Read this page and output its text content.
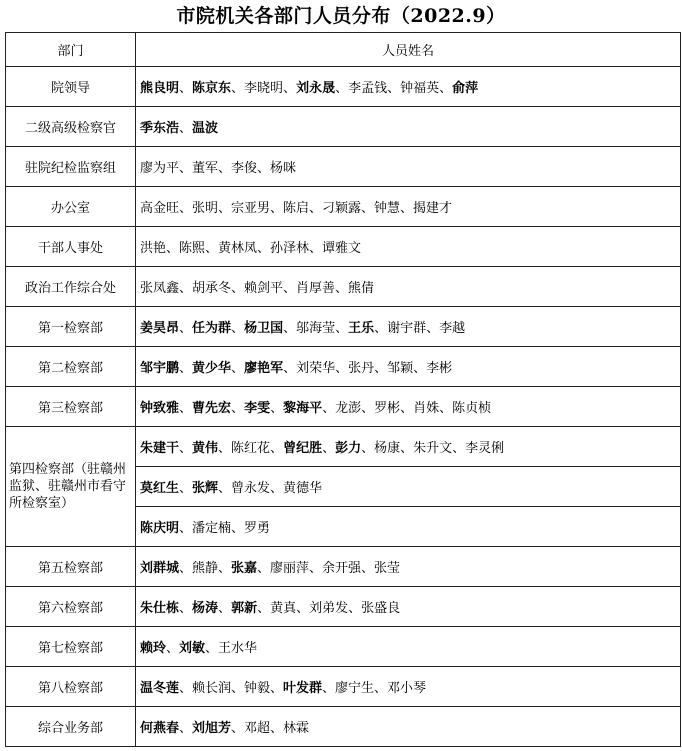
市院机关各部门人员分布（2022.9）
部门	人员姓名
院领导	熊良明、陈京东、李晓明、刘永晟、李孟钱、钟福英、俞萍
二级高级检察官	季东浩、温波
驻院纪检监察组	廖为平、董军、李俊、杨咪
办公室	高金旺、张明、宗亚男、陈启、刁颖露、钟慧、揭建才
干部人事处	洪艳、陈熙、黄林凤、孙泽林、谭雅文
政治工作综合处	张凤鑫、胡承冬、赖剑平、肖厚善、熊倩
第一检察部	姜昊昂、任为群、杨卫国、邬海莹、王乐、谢宇群、李越
第二检察部	邹宇鹏、黄少华、廖艳军、刘荣华、张丹、邹颖、李彬
第三检察部	钟致雅、曹先宏、李雯、黎海平、龙澎、罗彬、肖姝、陈贞桢
第四检察部（驻赣州监狱、驻赣州市看守所检察室）	朱建干、黄伟、陈红花、曾纪胜、彭力、杨康、朱升文、李灵俐
	莫红生、张辉、曾永发、黄德华
	陈庆明、潘定楠、罗勇
第五检察部	刘群城、熊静、张嘉、廖丽萍、余开强、张莹
第六检察部	朱仕栋、杨涛、郭新、黄真、刘弟发、张盛良
第七检察部	赖玲、刘敏、王水华
第八检察部	温冬莲、赖长润、钟毅、叶发群、廖宁生、邓小琴
综合业务部	何燕春、刘旭芳、邓超、林霖
